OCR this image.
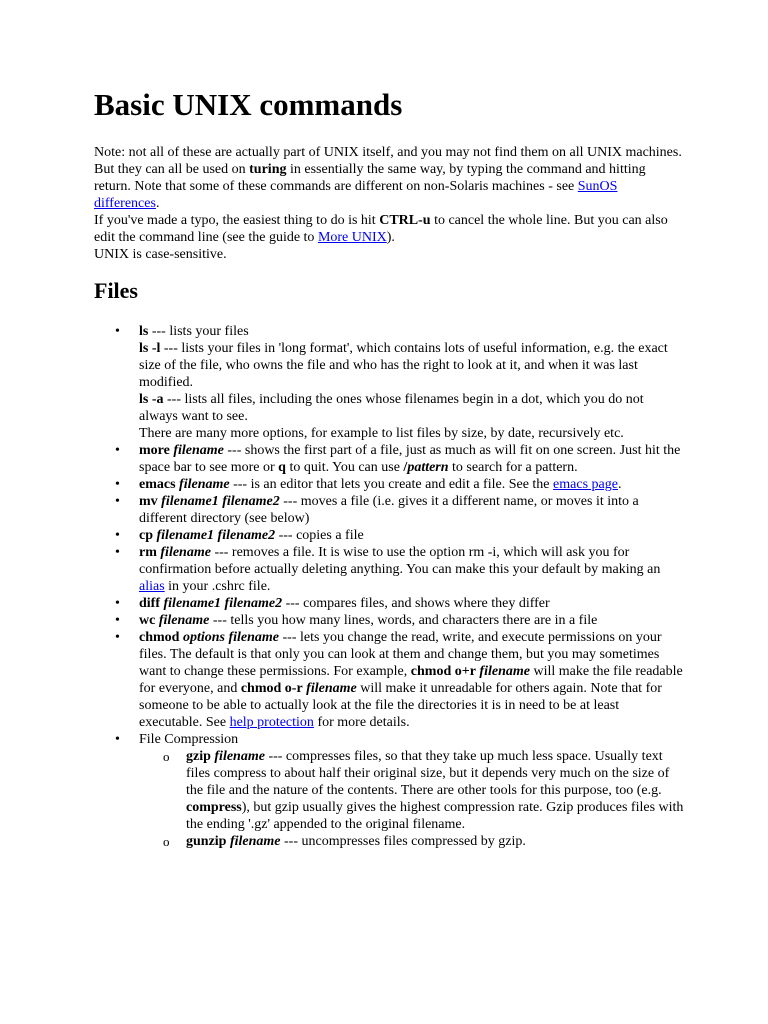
Basic UNIX commands

Note: not all of these are actually part of UNIX itself, and you may not find them on all UNIX machines. But they can all be used on turing in essentially the same way, by typing the command and hitting return. Note that some of these commands are different on non-Solaris machines - see SunOS differences.

If you've made a typo, the easiest thing to do is hit CTRL-u to cancel the whole line. But you can also edit the command line (see the guide to More UNIX).

UNIX is case-sensitive.

Files
• ls --- lists your files
ls -l --- lists your files in 'long format', which contains lots of useful information, e.g. the exact size of the file, who owns the file and who has the right to look at it, and when it was last modified.
ls -a --- lists all files, including the ones whose filenames begin in a dot, which you do not always want to see.
There are many more options, for example to list files by size, by date, recursively etc.
• more filename --- shows the first part of a file, just as much as will fit on one screen. Just hit the space bar to see more or q to quit. You can use /pattern to search for a pattern.
• emacs filename --- is an editor that lets you create and edit a file. See the emacs page.
• mv filename1 filename2 --- moves a file (i.e. gives it a different name, or moves it into a different directory (see below)
• cp filename1 filename2 --- copies a file
• rm filename --- removes a file. It is wise to use the option rm -i, which will ask you for confirmation before actually deleting anything. You can make this your default by making an alias in your .cshrc file.
• diff filename1 filename2 --- compares files, and shows where they differ
• wc filename --- tells you how many lines, words, and characters there are in a file
• chmod options filename --- lets you change the read, write, and execute permissions on your files. The default is that only you can look at them and change them, but you may sometimes want to change these permissions. For example, chmod o+r filename will make the file readable for everyone, and chmod o-r filename will make it unreadable for others again. Note that for someone to be able to actually look at the file the directories it is in need to be at least executable. See help protection for more details.
• File Compression
o gzip filename --- compresses files, so that they take up much less space. Usually text files compress to about half their original size, but it depends very much on the size of the file and the nature of the contents. There are other tools for this purpose, too (e.g. compress), but gzip usually gives the highest compression rate. Gzip produces files with the ending '.gz' appended to the original filename.
o gunzip filename --- uncompresses files compressed by gzip.
